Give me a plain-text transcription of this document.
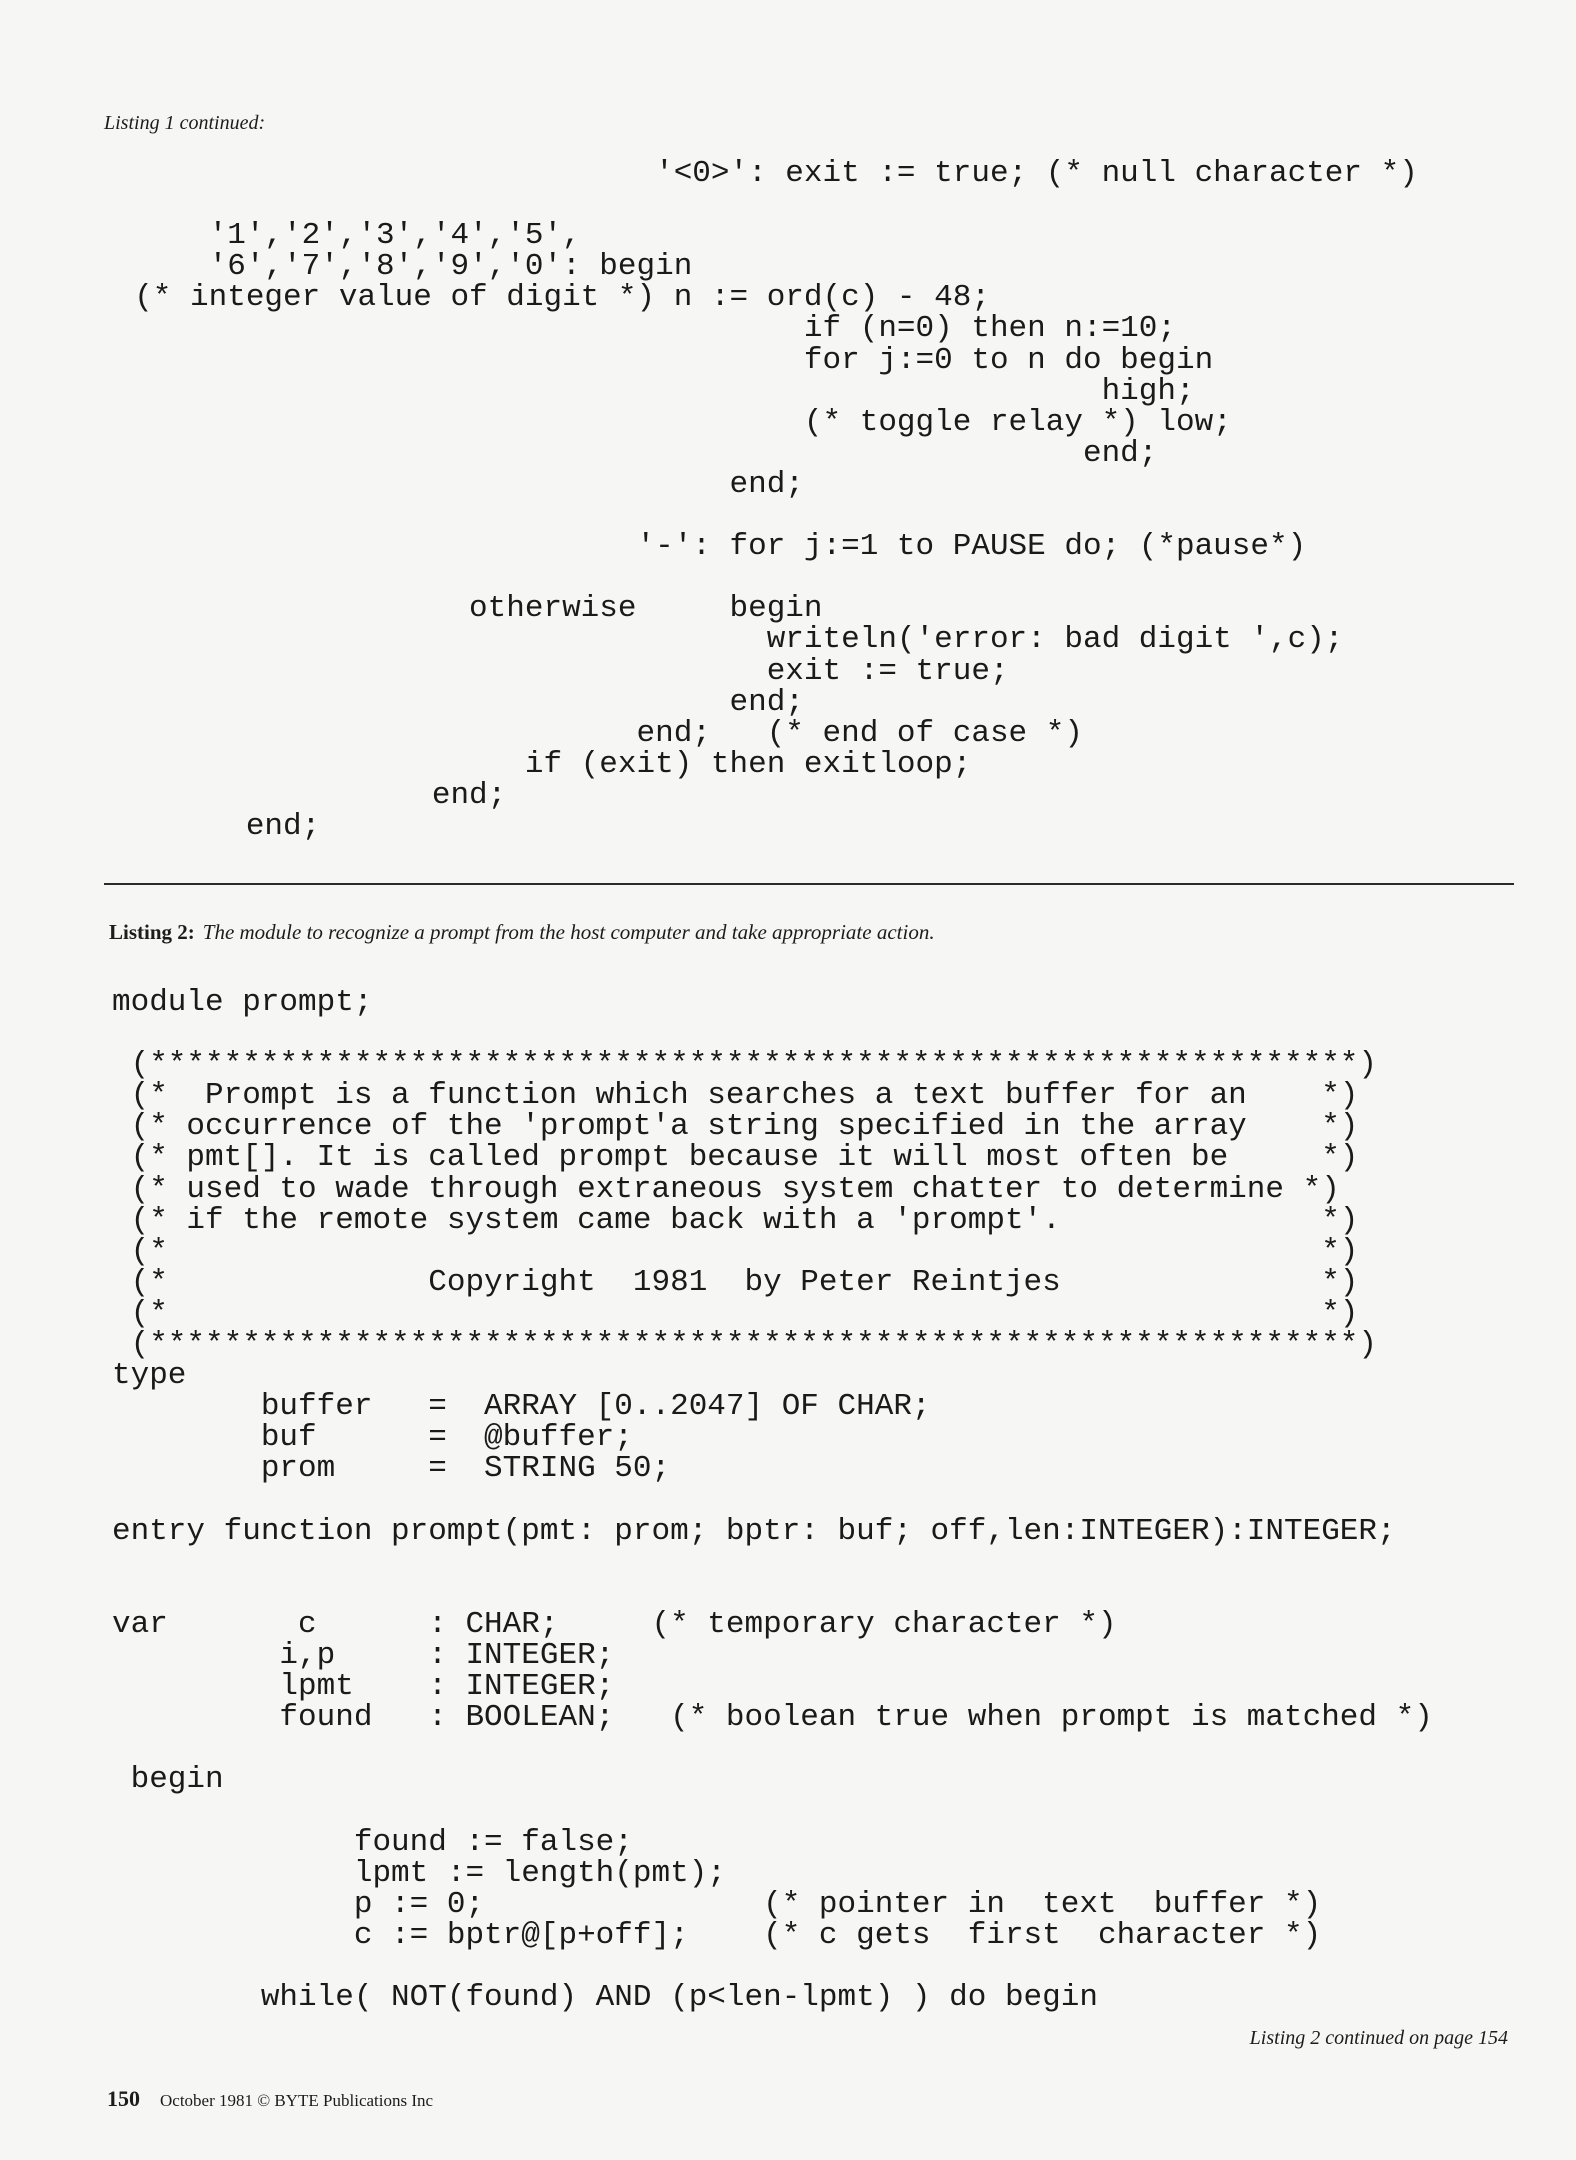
Listing 1 continued:

'<0>': exit := true; (* null character *)

'1','2','3','4','5',
'6','7','8','9','0': begin
(* integer value of digit *) n := ord(c) - 48;
if (n=0) then n:=10;
for j:=0 to n do begin
high;
(* toggle relay *) low;
end;
end;

'-': for j:=1 to PAUSE do; (*pause*)

otherwise     begin
writeln('error: bad digit ',c);
exit := true;
end;
end;   (* end of case *)
if (exit) then exitloop;
end;
end;

Listing 2: The module to recognize a prompt from the host computer and take appropriate action.

module prompt;

(*****************************************************************)
(*  Prompt is a function which searches a text buffer for an    *)
(* occurrence of the 'prompt'a string specified in the array    *)
(* pmt[]. It is called prompt because it will most often be     *)
(* used to wade through extraneous system chatter to determine *)
(* if the remote system came back with a 'prompt'.              *)
(*                                                              *)
(*              Copyright  1981  by Peter Reintjes              *)
(*                                                              *)
(*****************************************************************)
type
buffer   =  ARRAY [0..2047] OF CHAR;
buf      =  @buffer;
prom     =  STRING 50;

entry function prompt(pmt: prom; bptr: buf; off,len:INTEGER):INTEGER;

var       c      : CHAR;     (* temporary character *)
i,p     : INTEGER;
lpmt    : INTEGER;
found   : BOOLEAN;   (* boolean true when prompt is matched *)

begin

found := false;
lpmt := length(pmt);
p := 0;               (* pointer in  text  buffer *)
c := bptr@[p+off];    (* c gets  first  character *)

while( NOT(found) AND (p<len-lpmt) ) do begin

Listing 2 continued on page 154

150 October 1981 © BYTE Publications Inc
